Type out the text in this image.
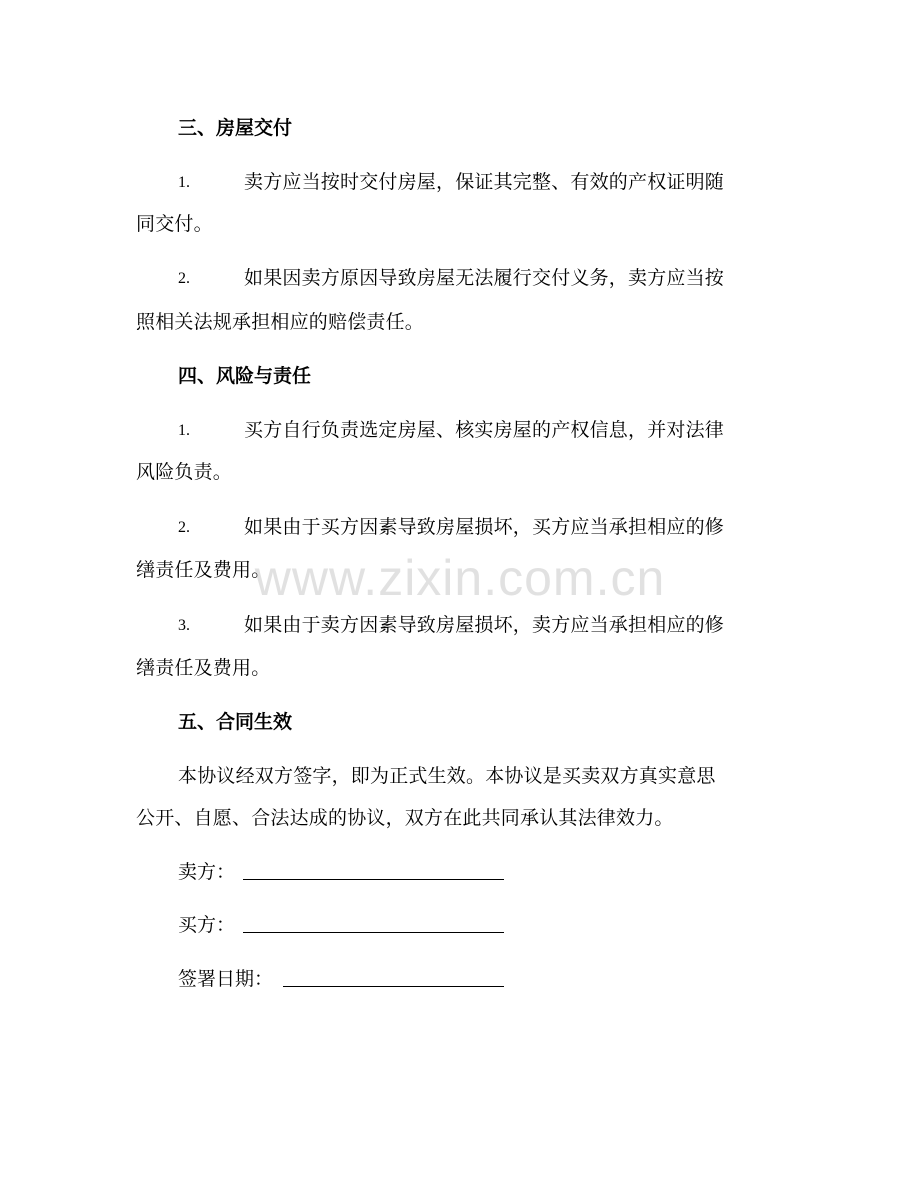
三、房屋交付
1.	卖方应当按时交付房屋，保证其完整、有效的产权证明随
同交付。
2.	如果因卖方原因导致房屋无法履行交付义务，卖方应当按
照相关法规承担相应的赔偿责任。
四、风险与责任
1.	买方自行负责选定房屋、核实房屋的产权信息，并对法律
风险负责。
2.	如果由于买方因素导致房屋损坏，买方应当承担相应的修
缮责任及费用。
3.	如果由于卖方因素导致房屋损坏，卖方应当承担相应的修
缮责任及费用。
五、合同生效
本协议经双方签字，即为正式生效。本协议是买卖双方真实意思
公开、自愿、合法达成的协议，双方在此共同承认其法律效力。
卖方：
买方：
签署日期：
www.zixin.com.cn
